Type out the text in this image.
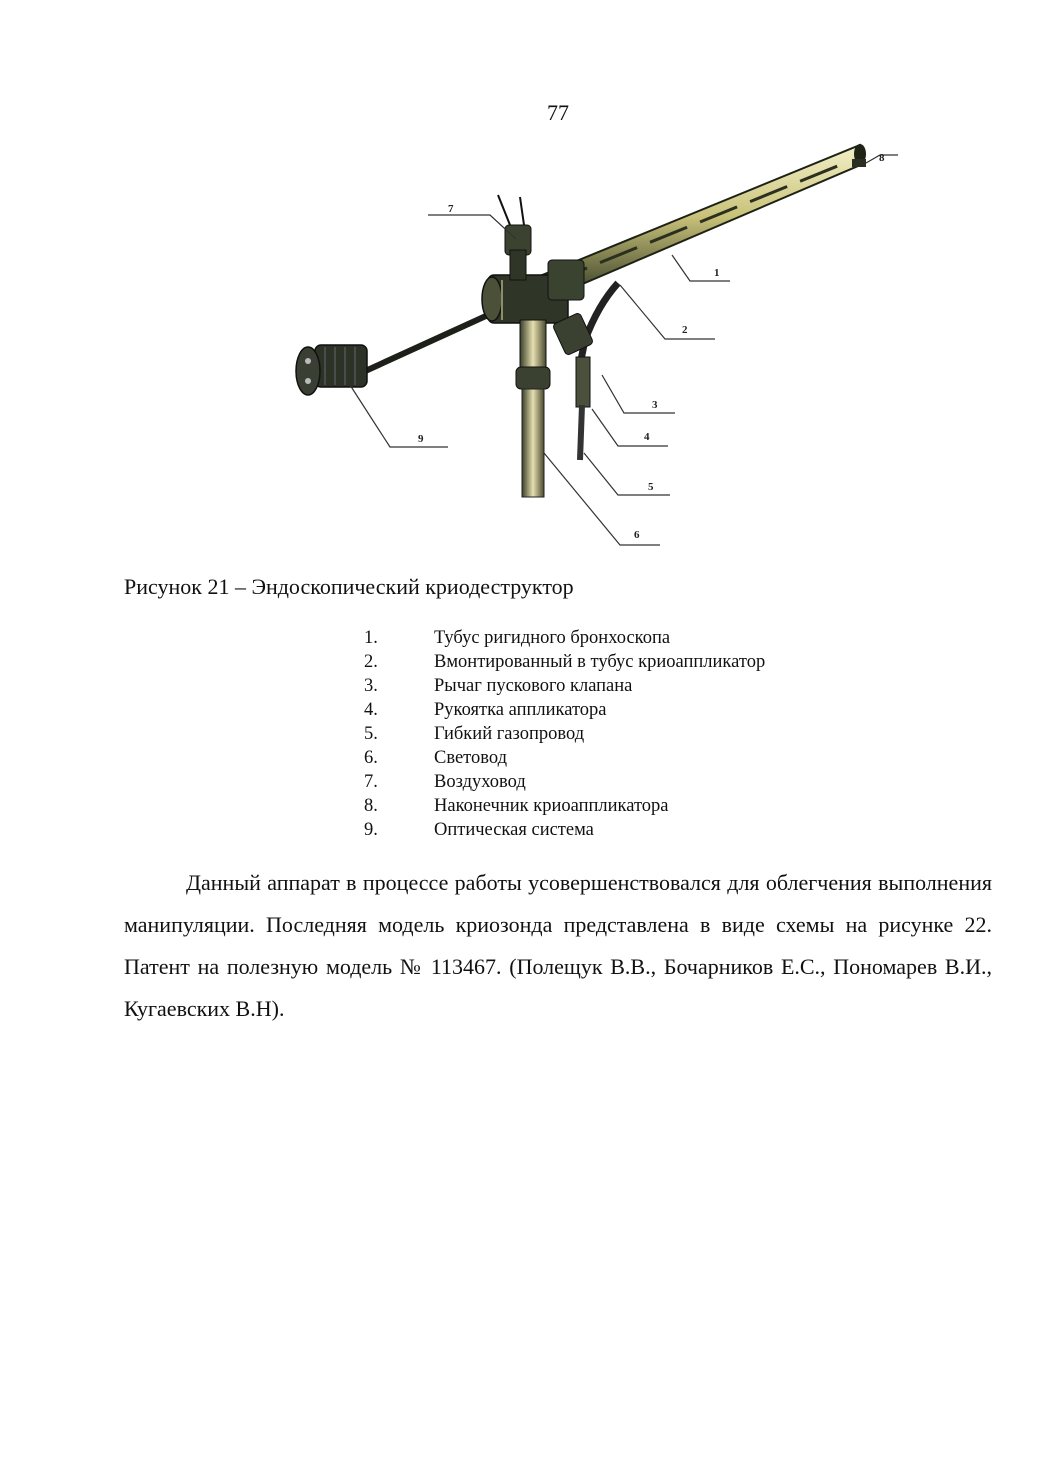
77
1
2
3
4
5
6
7
8
9
Рисунок 21 – Эндоскопический криодеструктор
1.	Тубус ригидного бронхоскопа
2.	Вмонтированный в тубус криоаппликатор
3.	Рычаг пускового клапана
4.	Рукоятка аппликатора
5.	Гибкий газопровод
6.	Световод
7.	Воздуховод
8.	Наконечник криоаппликатора
9.	Оптическая система

Данный аппарат в процессе работы усовершенствовался для облегчения выполнения манипуляции. Последняя модель криозонда представлена в виде схемы на рисунке 22. Патент на полезную модель № 113467. (Полещук В.В., Бочарников Е.С., Пономарев В.И., Кугаевских В.Н).
